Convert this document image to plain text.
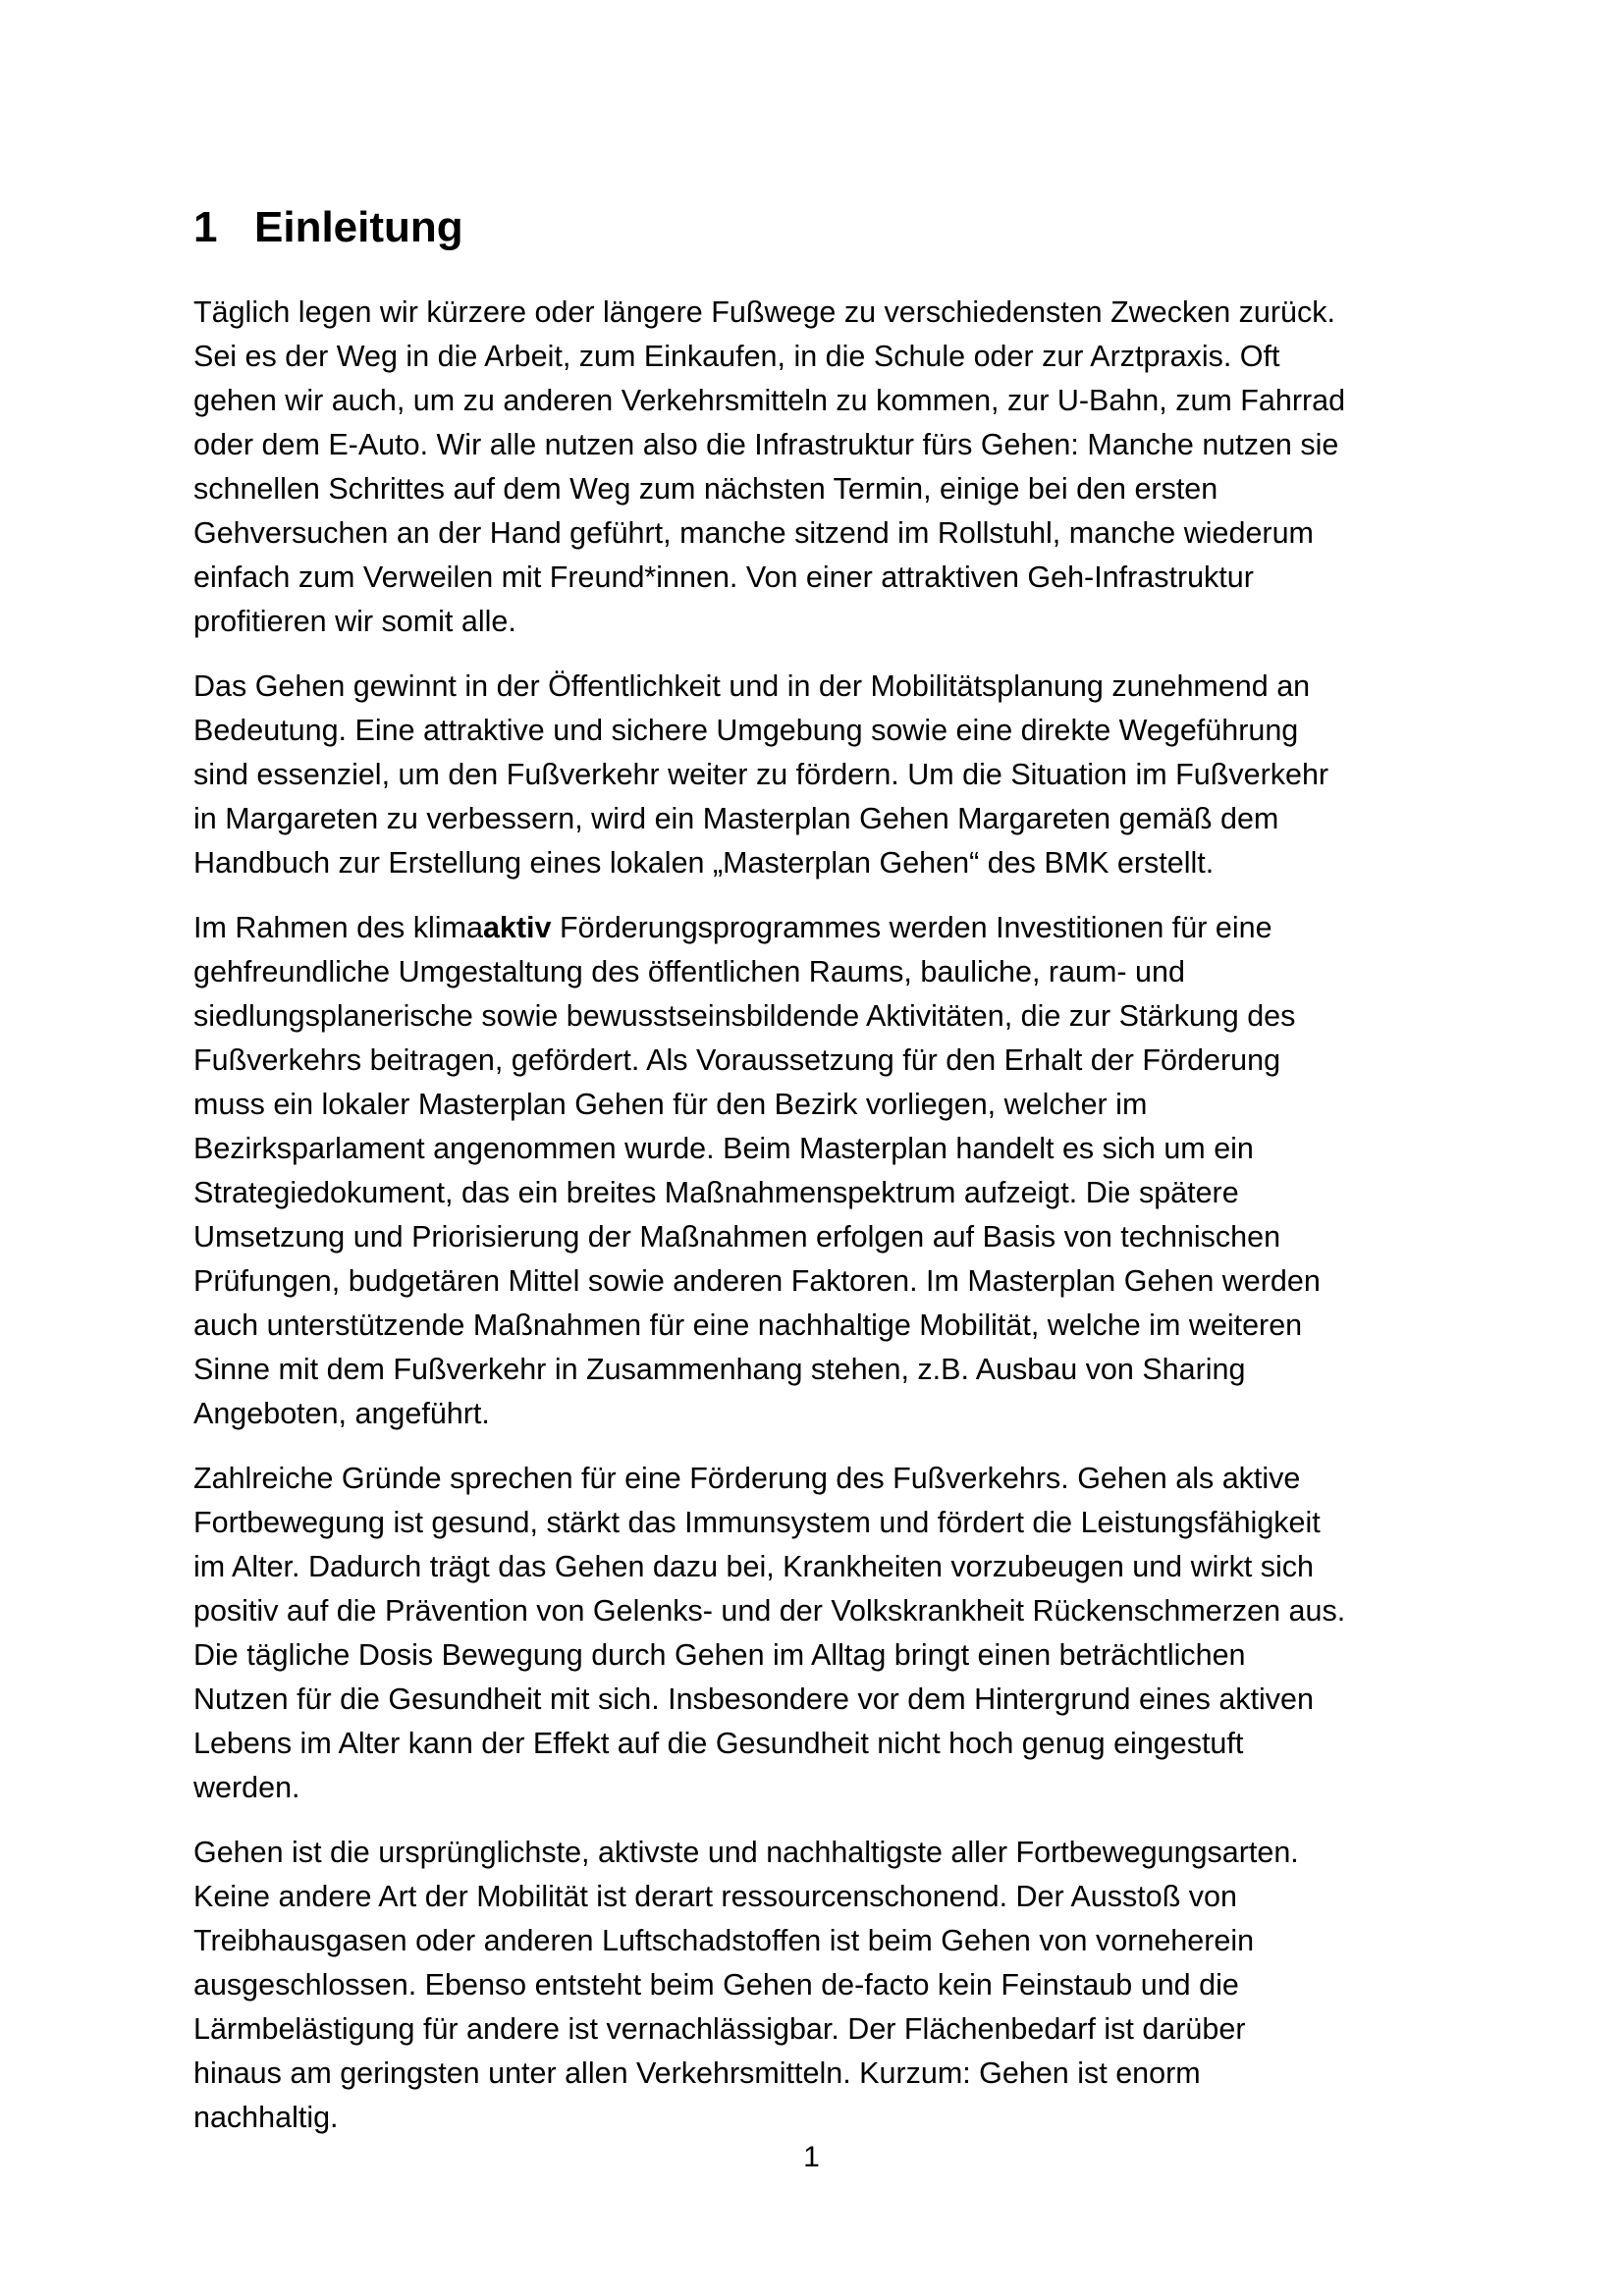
1 Einleitung

Täglich legen wir kürzere oder längere Fußwege zu verschiedensten Zwecken zurück.
Sei es der Weg in die Arbeit, zum Einkaufen, in die Schule oder zur Arztpraxis. Oft
gehen wir auch, um zu anderen Verkehrsmitteln zu kommen, zur U-Bahn, zum Fahrrad
oder dem E-Auto. Wir alle nutzen also die Infrastruktur fürs Gehen: Manche nutzen sie
schnellen Schrittes auf dem Weg zum nächsten Termin, einige bei den ersten
Gehversuchen an der Hand geführt, manche sitzend im Rollstuhl, manche wiederum
einfach zum Verweilen mit Freund*innen. Von einer attraktiven Geh-Infrastruktur
profitieren wir somit alle.

Das Gehen gewinnt in der Öffentlichkeit und in der Mobilitätsplanung zunehmend an
Bedeutung. Eine attraktive und sichere Umgebung sowie eine direkte Wegeführung
sind essenziel, um den Fußverkehr weiter zu fördern. Um die Situation im Fußverkehr
in Margareten zu verbessern, wird ein Masterplan Gehen Margareten gemäß dem
Handbuch zur Erstellung eines lokalen „Masterplan Gehen“ des BMK erstellt.

Im Rahmen des klimaaktiv Förderungsprogrammes werden Investitionen für eine
gehfreundliche Umgestaltung des öffentlichen Raums, bauliche, raum- und
siedlungsplanerische sowie bewusstseinsbildende Aktivitäten, die zur Stärkung des
Fußverkehrs beitragen, gefördert. Als Voraussetzung für den Erhalt der Förderung
muss ein lokaler Masterplan Gehen für den Bezirk vorliegen, welcher im
Bezirksparlament angenommen wurde. Beim Masterplan handelt es sich um ein
Strategiedokument, das ein breites Maßnahmenspektrum aufzeigt. Die spätere
Umsetzung und Priorisierung der Maßnahmen erfolgen auf Basis von technischen
Prüfungen, budgetären Mittel sowie anderen Faktoren. Im Masterplan Gehen werden
auch unterstützende Maßnahmen für eine nachhaltige Mobilität, welche im weiteren
Sinne mit dem Fußverkehr in Zusammenhang stehen, z.B. Ausbau von Sharing
Angeboten, angeführt.

Zahlreiche Gründe sprechen für eine Förderung des Fußverkehrs. Gehen als aktive
Fortbewegung ist gesund, stärkt das Immunsystem und fördert die Leistungsfähigkeit
im Alter. Dadurch trägt das Gehen dazu bei, Krankheiten vorzubeugen und wirkt sich
positiv auf die Prävention von Gelenks- und der Volkskrankheit Rückenschmerzen aus.
Die tägliche Dosis Bewegung durch Gehen im Alltag bringt einen beträchtlichen
Nutzen für die Gesundheit mit sich. Insbesondere vor dem Hintergrund eines aktiven
Lebens im Alter kann der Effekt auf die Gesundheit nicht hoch genug eingestuft
werden.

Gehen ist die ursprünglichste, aktivste und nachhaltigste aller Fortbewegungsarten.
Keine andere Art der Mobilität ist derart ressourcenschonend. Der Ausstoß von
Treibhausgasen oder anderen Luftschadstoffen ist beim Gehen von vorneherein
ausgeschlossen. Ebenso entsteht beim Gehen de-facto kein Feinstaub und die
Lärmbelästigung für andere ist vernachlässigbar. Der Flächenbedarf ist darüber
hinaus am geringsten unter allen Verkehrsmitteln. Kurzum: Gehen ist enorm
nachhaltig.

1
